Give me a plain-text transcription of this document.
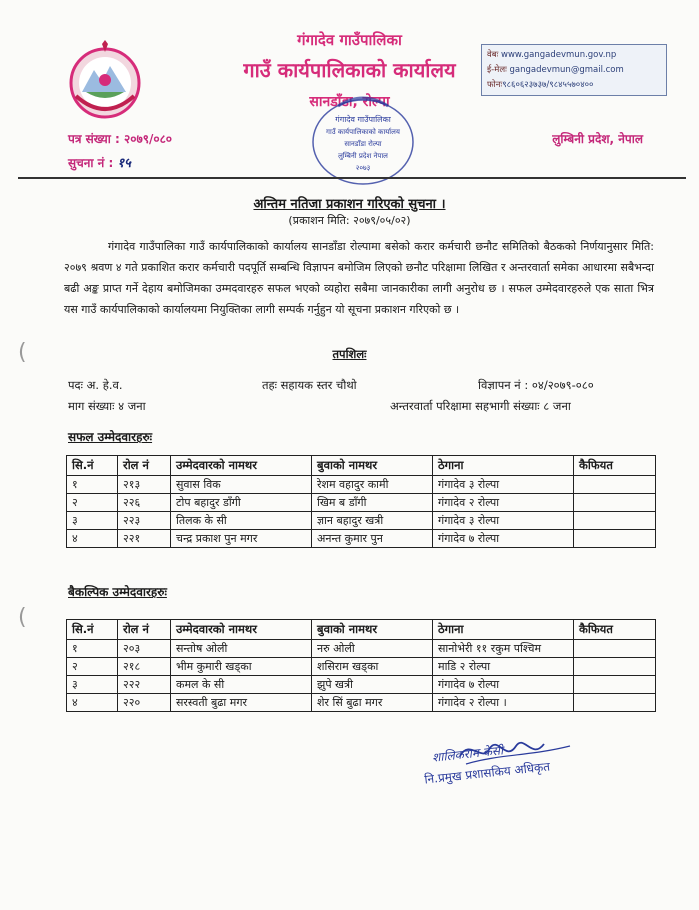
गंगादेव गाउँपालिका
गाउँ कार्यपालिकाको कार्यालय
सानडाँडा, रोल्पा
वेबः www.gangadevmun.gov.np
ई-मेलः gangadevmun@gmail.com
फोनः९८६०६२३७३७/९८४५५७०४००
गंगादेव गाउँपालिका
गाउँ कार्यपालिकाको कार्यालय
सानडाँडा रोल्पा
लुम्बिनी प्रदेश नेपाल
२०७३
पत्र संख्या : २०७९/०८०
सुचना नं : १५
लुम्बिनी प्रदेश, नेपाल
अन्तिम नतिजा प्रकाशन गरिएको सुचना ।
(प्रकाशन मिति: २०७९/०५/०२)
गंगादेव गाउँपालिका गाउँ कार्यपालिकाको कार्यालय सानडाँडा रोल्पामा बसेको करार कर्मचारी छनौट समितिको बैठकको निर्णयानुसार मिति: २०७९ श्रवण ४ गते प्रकाशित करार कर्मचारी पदपूर्ति सम्बन्धि विज्ञापन बमोजिम लिएको छनौट परिक्षामा लिखित र अन्तरवार्ता समेका आधारमा सबैभन्दा बढी अङ्क प्राप्त गर्ने देहाय बमोजिमका उम्मदवारहरु सफल भएको व्यहोरा सबैमा जानकारीका लागी अनुरोध छ । सफल उम्मेदवारहरुले एक साता भित्र यस गाउँ कार्यपालिकाको कार्यालयमा नियुक्तिका लागी सम्पर्क गर्नुहुन यो सूचना प्रकाशन गरिएको छ ।
(
(
तपशिलः
पदः अ. हे.व.	तहः सहायक स्तर चौथो	विज्ञापन नं : ०४/२०७९-०८०
माग संख्याः ४ जना	अन्तरवार्ता परिक्षामा सहभागी संख्याः ८ जना
सफल उम्मेदवारहरुः
सि.नं	रोल नं	उम्मेदवारको नामथर	बुवाको नामथर	ठेगाना	कैफियत
१	२१३	सुवास विक	रेशम वहादुर कामी	गंगादेव ३ रोल्पा	
२	२२६	टोप बहादुर डाँगी	खिम ब डाँगी	गंगादेव २ रोल्पा	
३	२२३	तिलक के सी	ज्ञान बहादुर खत्री	गंगादेव ३ रोल्पा	
४	२२१	चन्द्र प्रकाश पुन मगर	अनन्त कुमार पुन	गंगादेव ७ रोल्पा	
बैकल्पिक उम्मेदवारहरुः
सि.नं	रोल नं	उम्मेदवारको नामथर	बुवाको नामथर	ठेगाना	कैफियत
१	२०३	सन्तोष ओली	नरु ओली	सानोभेरी ११ रकुम पश्चिम	
२	२१८	भीम कुमारी खड्का	शसिराम खड्का	माडि २ रोल्पा	
३	२२२	कमल के सी	झुपे खत्री	गंगादेव ७ रोल्पा	
४	२२०	सरस्वती बुढा मगर	शेर सिं बुढा मगर	गंगादेव २ रोल्पा ।	
शालिकराम केसी
नि.प्रमुख प्रशासकिय अधिकृत
